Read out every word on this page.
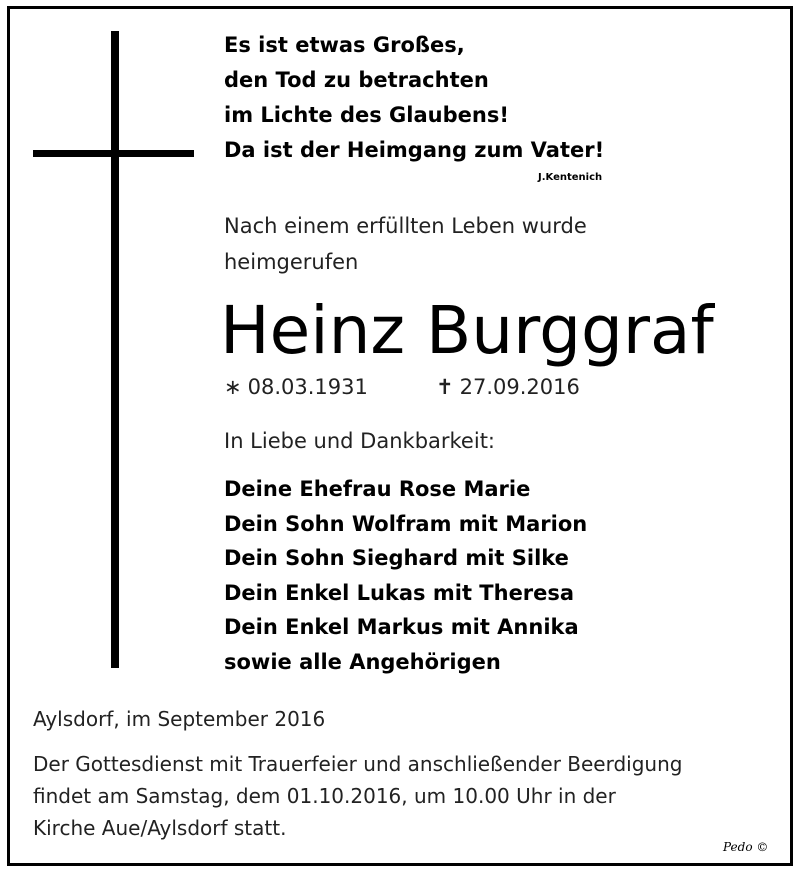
Es ist etwas Großes,
den Tod zu betrachten
im Lichte des Glaubens!
Da ist der Heimgang zum Vater!
J.Kentenich
Nach einem erfüllten Leben wurde
heimgerufen
Heinz Burggraf
∗ 08.03.1931	✝ 27.09.2016
In Liebe und Dankbarkeit:
Deine Ehefrau Rose Marie
Dein Sohn Wolfram mit Marion
Dein Sohn Sieghard mit Silke
Dein Enkel Lukas mit Theresa
Dein Enkel Markus mit Annika
sowie alle Angehörigen
Aylsdorf, im September 2016
Der Gottesdienst mit Trauerfeier und anschließender Beerdigung
findet am Samstag, dem 01.10.2016, um 10.00 Uhr in der
Kirche Aue/Aylsdorf statt.
Pedo ©
